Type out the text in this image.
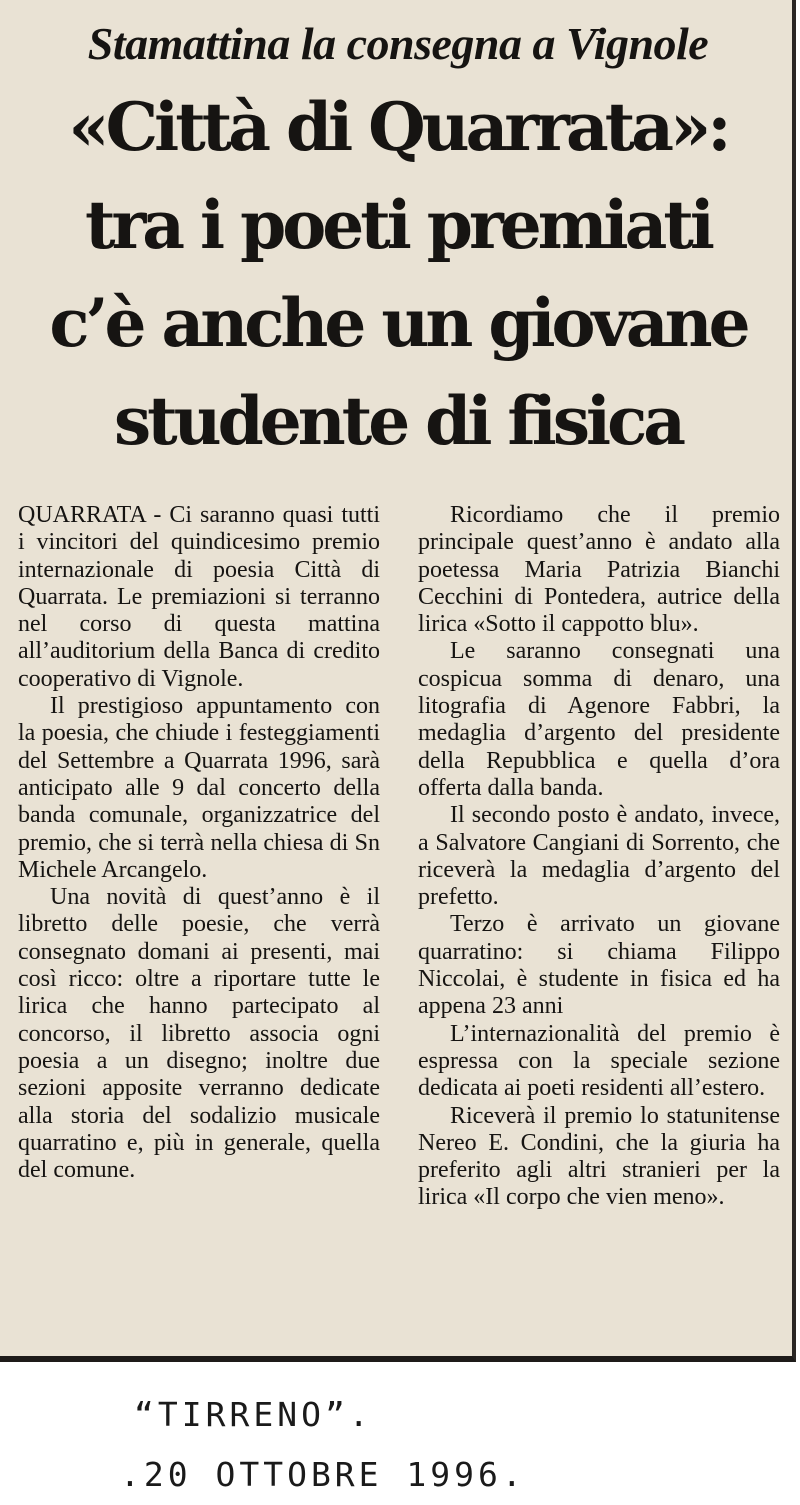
Stamattina la consegna a Vignole
«Città di Quarrata»:
tra i poeti premiati
c’è anche un giovane
studente di fisica

QUARRATA - Ci saranno quasi tutti i vincitori del quindicesimo premio internazionale di poesia Città di Quarrata. Le premiazioni si terranno nel corso di questa mattina all’auditorium della Banca di credito cooperativo di Vignole.

Il prestigioso appuntamento con la poesia, che chiude i festeggiamenti del Settembre a Quarrata 1996, sarà anticipato alle 9 dal concerto della banda comunale, organizzatrice del premio, che si terrà nella chiesa di Sn Michele Arcangelo.

Una novità di quest’anno è il libretto delle poesie, che verrà consegnato domani ai presenti, mai così ricco: oltre a riportare tutte le lirica che hanno partecipato al concorso, il libretto associa ogni poesia a un disegno; inoltre due sezioni apposite verranno dedicate alla storia del sodalizio musicale quarratino e, più in generale, quella del comune.

Ricordiamo che il premio principale quest’anno è andato alla poetessa Maria Patrizia Bianchi Cecchini di Pontedera, autrice della lirica «Sotto il cappotto blu».

Le saranno consegnati una cospicua somma di denaro, una litografia di Agenore Fabbri, la medaglia d’argento del presidente della Repubblica e quella d’ora offerta dalla banda.

Il secondo posto è andato, invece, a Salvatore Cangiani di Sorrento, che riceverà la medaglia d’argento del prefetto.

Terzo è arrivato un giovane quarratino: si chiama Filippo Niccolai, è studente in fisica ed ha appena 23 anni

L’internazionalità del premio è espressa con la speciale sezione dedicata ai poeti residenti all’estero.

Riceverà il premio lo statunitense Nereo E. Condini, che la giuria ha preferito agli altri stranieri per la lirica «Il corpo che vien meno».

“TIRRENO”.
.20 OTTOBRE 1996.
